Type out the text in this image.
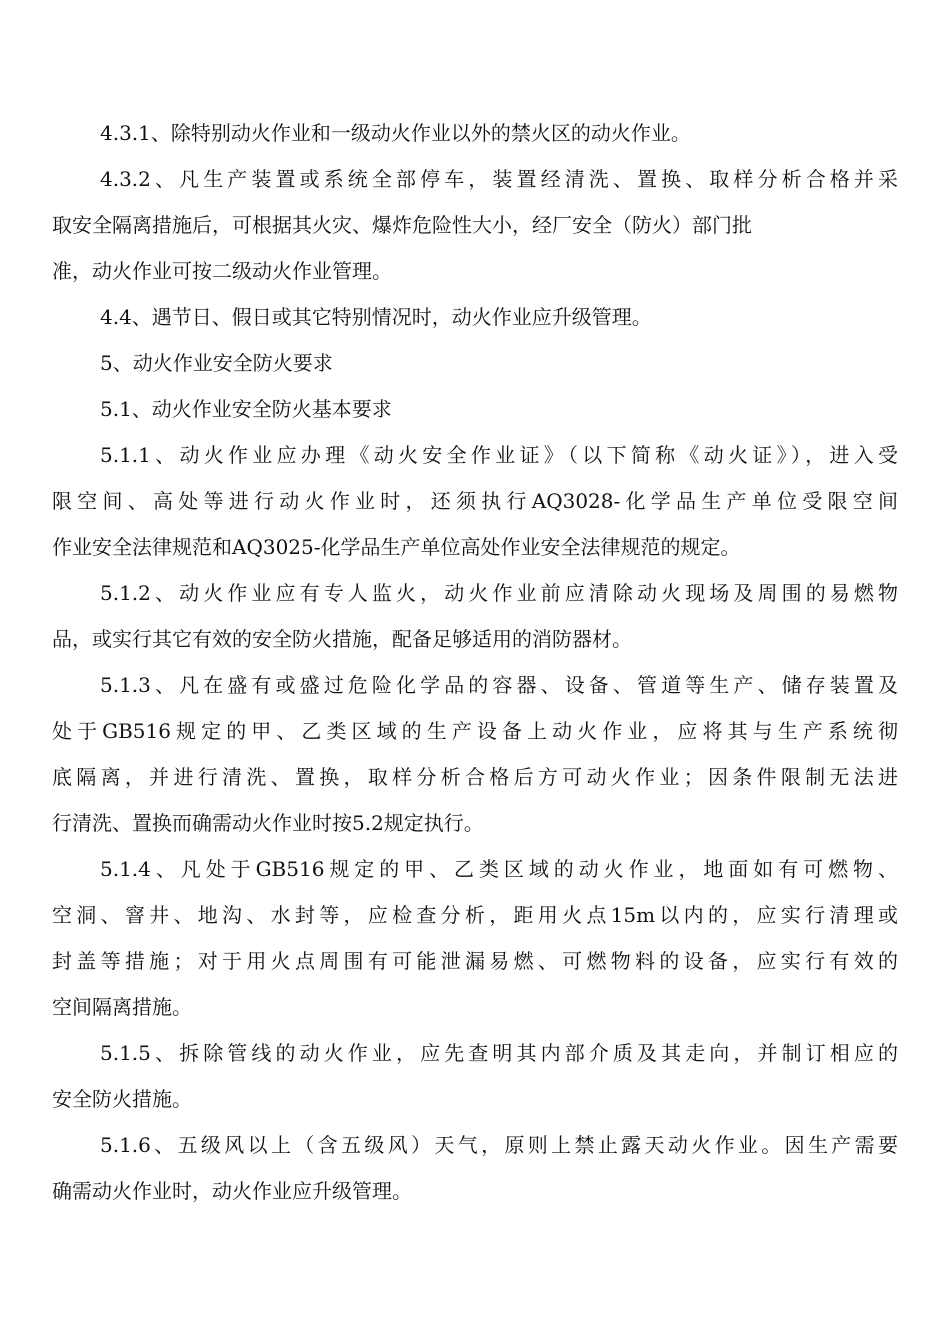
4.3.1、除特别动火作业和一级动火作业以外的禁火区的动火作业。

4.3.2、凡生产装置或系统全部停车，装置经清洗、置换、取样分析合格并采
取安全隔离措施后，可根据其火灾、爆炸危险性大小，经厂安全（防火）部门批
准，动火作业可按二级动火作业管理。

4.4、遇节日、假日或其它特别情况时，动火作业应升级管理。

5、动火作业安全防火要求

5.1、动火作业安全防火基本要求

5.1.1、动火作业应办理《动火安全作业证》（以下简称《动火证》），进入受
限空间、高处等进行动火作业时，还须执行AQ3028-化学品生产单位受限空间
作业安全法律规范和AQ3025-化学品生产单位高处作业安全法律规范的规定。

5.1.2、动火作业应有专人监火，动火作业前应清除动火现场及周围的易燃物
品，或实行其它有效的安全防火措施，配备足够适用的消防器材。

5.1.3、凡在盛有或盛过危险化学品的容器、设备、管道等生产、储存装置及
处于GB516规定的甲、乙类区域的生产设备上动火作业，应将其与生产系统彻
底隔离，并进行清洗、置换，取样分析合格后方可动火作业；因条件限制无法进
行清洗、置换而确需动火作业时按5.2规定执行。

5.1.4、凡处于GB516规定的甲、乙类区域的动火作业，地面如有可燃物、
空洞、窨井、地沟、水封等，应检查分析，距用火点15m以内的，应实行清理或
封盖等措施；对于用火点周围有可能泄漏易燃、可燃物料的设备，应实行有效的
空间隔离措施。

5.1.5、拆除管线的动火作业，应先查明其内部介质及其走向，并制订相应的
安全防火措施。

5.1.6、五级风以上（含五级风）天气，原则上禁止露天动火作业。因生产需要
确需动火作业时，动火作业应升级管理。
